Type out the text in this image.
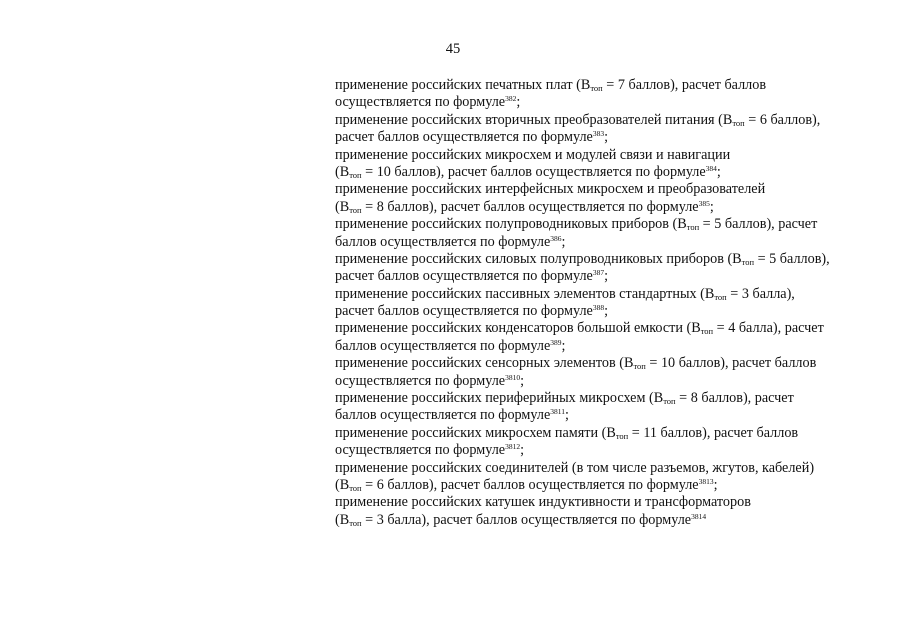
45
применение российских печатных плат ($В_{топ} = 7$ баллов), расчет баллов
осуществляется по формуле$^{382}$;
применение российских вторичных преобразователей питания ($В_{топ} = 6$ баллов),
расчет баллов осуществляется по формуле$^{383}$;
применение российских микросхем и модулей связи и навигации
($В_{топ} = 10$ баллов), расчет баллов осуществляется по формуле$^{384}$;
применение российских интерфейсных микросхем и преобразователей
($В_{топ} = 8$ баллов), расчет баллов осуществляется по формуле$^{385}$;
применение российских полупроводниковых приборов ($В_{топ} = 5$ баллов), расчет
баллов осуществляется по формуле$^{386}$;
применение российских силовых полупроводниковых приборов ($В_{топ} = 5$ баллов),
расчет баллов осуществляется по формуле$^{387}$;
применение российских пассивных элементов стандартных ($В_{топ} = 3$ балла),
расчет баллов осуществляется по формуле$^{388}$;
применение российских конденсаторов большой емкости ($В_{топ} = 4$ балла), расчет
баллов осуществляется по формуле$^{389}$;
применение российских сенсорных элементов ($В_{топ} = 10$ баллов), расчет баллов
осуществляется по формуле$^{3810}$;
применение российских периферийных микросхем ($В_{топ} = 8$ баллов), расчет
баллов осуществляется по формуле$^{3811}$;
применение российских микросхем памяти ($В_{топ} = 11$ баллов), расчет баллов
осуществляется по формуле$^{3812}$;
применение российских соединителей (в том числе разъемов, жгутов, кабелей)
($В_{топ} = 6$ баллов), расчет баллов осуществляется по формуле$^{3813}$;
применение российских катушек индуктивности и трансформаторов
($В_{топ} = 3$ балла), расчет баллов осуществляется по формуле$^{3814}$
